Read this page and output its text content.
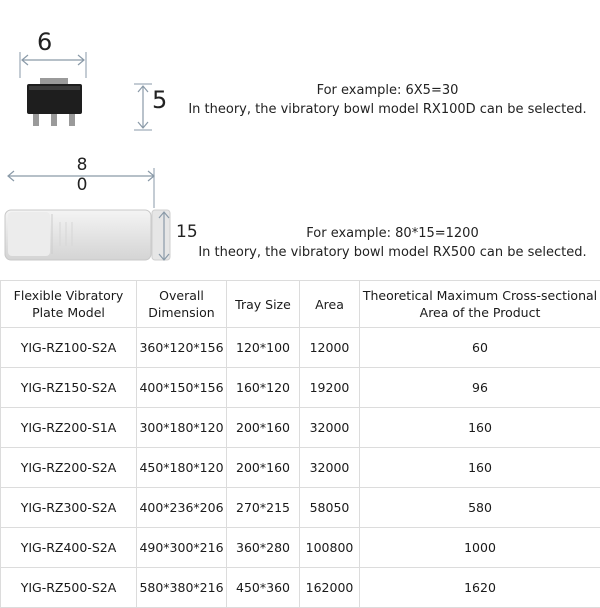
6
5	For example: 6X5=30
In theory, the vibratory bowl model RX100D can be selected.
8
0
15	For example: 80*15=1200
In theory, the vibratory bowl model RX500 can be selected.
Flexible Vibratory Plate Model	Overall Dimension	Tray Size	Area	Theoretical Maximum Cross-sectional Area of the Product
YIG-RZ100-S2A	360*120*156	120*100	12000	60
YIG-RZ150-S2A	400*150*156	160*120	19200	96
YIG-RZ200-S1A	300*180*120	200*160	32000	160
YIG-RZ200-S2A	450*180*120	200*160	32000	160
YIG-RZ300-S2A	400*236*206	270*215	58050	580
YIG-RZ400-S2A	490*300*216	360*280	100800	1000
YIG-RZ500-S2A	580*380*216	450*360	162000	1620
